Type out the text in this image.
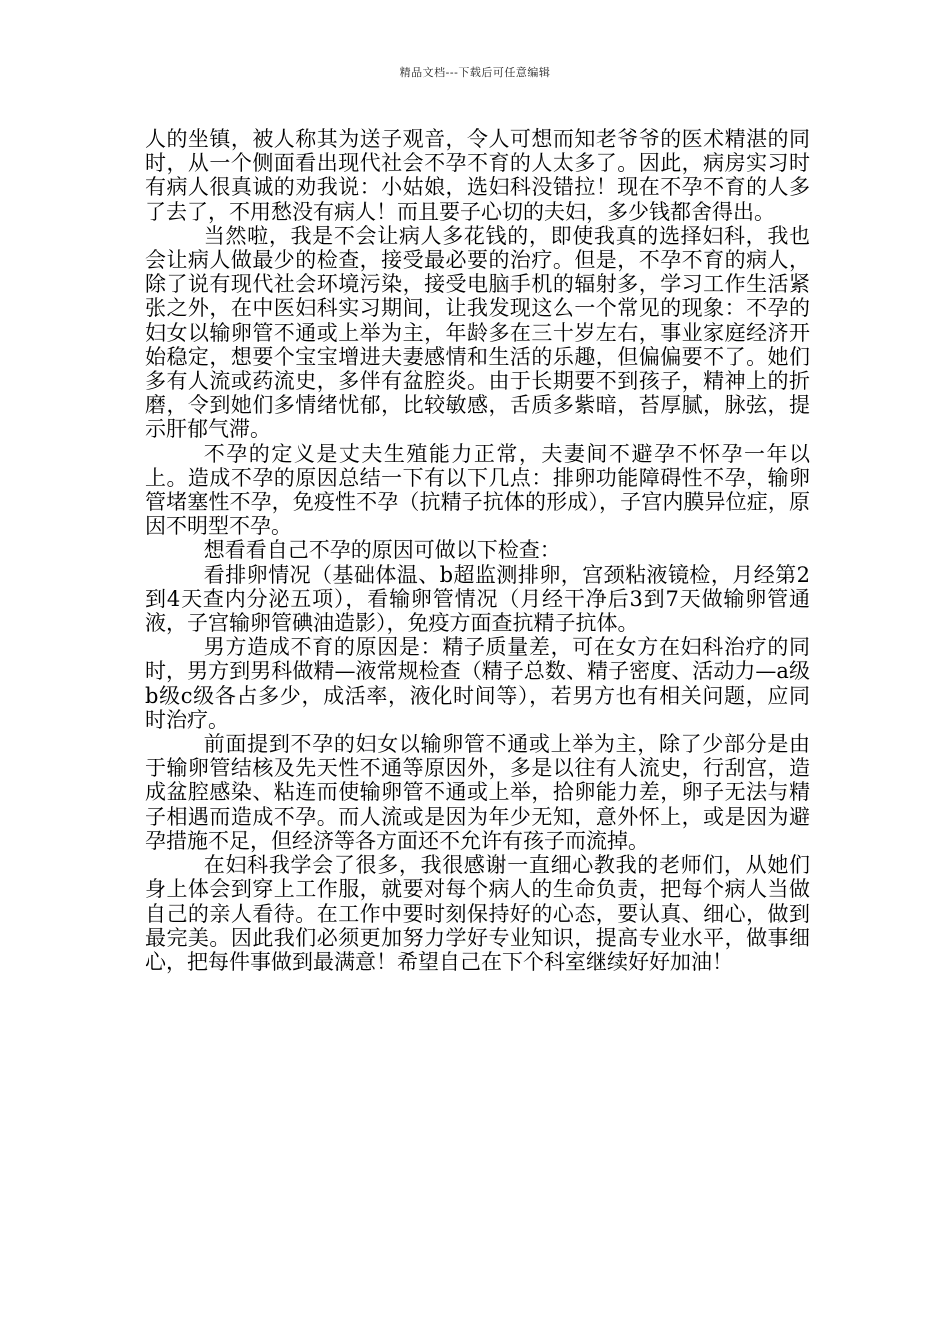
精品文档---下载后可任意编辑

人的坐镇，被人称其为送子观音，令人可想而知老爷爷的医术精湛的同时，从一个侧面看出现代社会不孕不育的人太多了。因此，病房实习时有病人很真诚的劝我说：小姑娘，选妇科没错拉！现在不孕不育的人多了去了，不用愁没有病人！而且要子心切的夫妇，多少钱都舍得出。

当然啦，我是不会让病人多花钱的，即使我真的选择妇科，我也会让病人做最少的检查，接受最必要的治疗。但是，不孕不育的病人，除了说有现代社会环境污染，接受电脑手机的辐射多，学习工作生活紧张之外，在中医妇科实习期间，让我发现这么一个常见的现象：不孕的妇女以输卵管不通或上举为主，年龄多在三十岁左右，事业家庭经济开始稳定，想要个宝宝增进夫妻感情和生活的乐趣，但偏偏要不了。她们多有人流或药流史，多伴有盆腔炎。由于长期要不到孩子，精神上的折磨，令到她们多情绪忧郁，比较敏感，舌质多紫暗，苔厚腻，脉弦，提示肝郁气滞。

不孕的定义是丈夫生殖能力正常，夫妻间不避孕不怀孕一年以上。造成不孕的原因总结一下有以下几点：排卵功能障碍性不孕，输卵管堵塞性不孕，免疫性不孕（抗精子抗体的形成），子宫内膜异位症，原因不明型不孕。

想看看自己不孕的原因可做以下检查：

看排卵情况（基础体温、b超监测排卵，宫颈粘液镜检，月经第2到4天查内分泌五项），看输卵管情况（月经干净后3到7天做输卵管通液，子宫输卵管碘油造影），免疫方面查抗精子抗体。

男方造成不育的原因是：精子质量差，可在女方在妇科治疗的同时，男方到男科做精—液常规检查（精子总数、精子密度、活动力—a级b级c级各占多少，成活率，液化时间等），若男方也有相关问题，应同时治疗。

前面提到不孕的妇女以输卵管不通或上举为主，除了少部分是由于输卵管结核及先天性不通等原因外，多是以往有人流史，行刮宫，造成盆腔感染、粘连而使输卵管不通或上举，拾卵能力差，卵子无法与精子相遇而造成不孕。而人流或是因为年少无知，意外怀上，或是因为避孕措施不足，但经济等各方面还不允许有孩子而流掉。

在妇科我学会了很多，我很感谢一直细心教我的老师们，从她们身上体会到穿上工作服，就要对每个病人的生命负责，把每个病人当做自己的亲人看待。在工作中要时刻保持好的心态，要认真、细心，做到最完美。因此我们必须更加努力学好专业知识，提高专业水平，做事细心，把每件事做到最满意！希望自己在下个科室继续好好加油！
